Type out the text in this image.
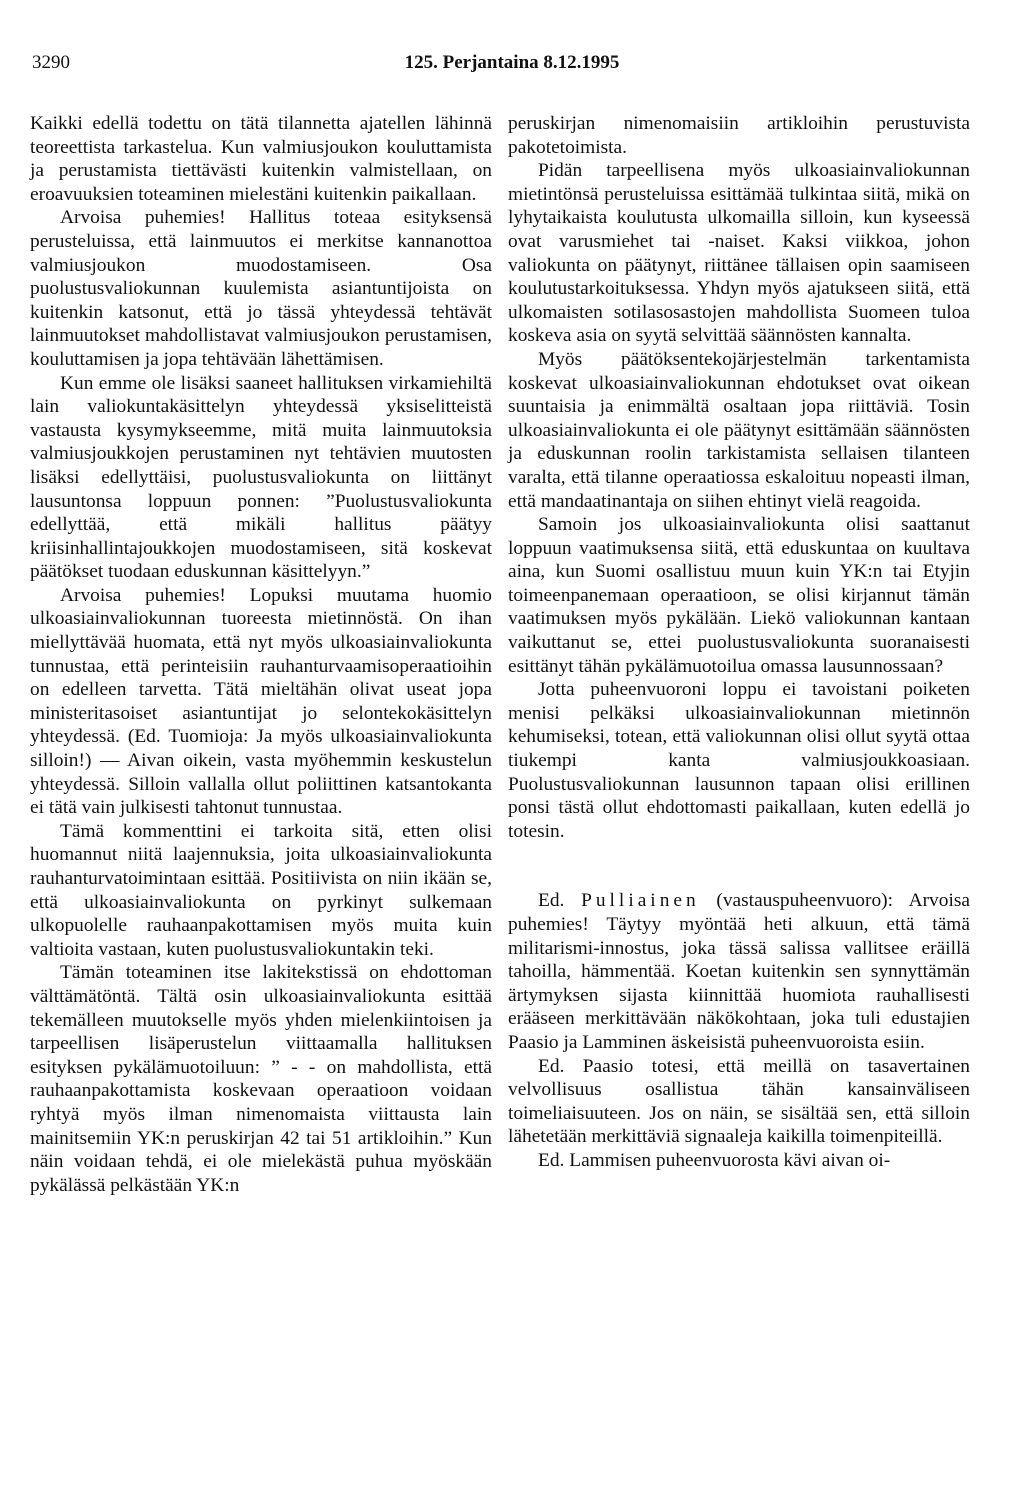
3290	125. Perjantaina 8.12.1995

Kaikki edellä todettu on tätä tilannetta ajatellen lähinnä teoreettista tarkastelua. Kun valmiusjoukon kouluttamista ja perustamista tiettävästi kuitenkin valmistellaan, on eroavuuksien toteaminen mielestäni kuitenkin paikallaan.

Arvoisa puhemies! Hallitus toteaa esityksensä perusteluissa, että lainmuutos ei merkitse kannanottoa valmiusjoukon muodostamiseen. Osa puolustusvaliokunnan kuulemista asiantuntijoista on kuitenkin katsonut, että jo tässä yhteydessä tehtävät lainmuutokset mahdollistavat valmiusjoukon perustamisen, kouluttamisen ja jopa tehtävään lähettämisen.

Kun emme ole lisäksi saaneet hallituksen virkamiehiltä lain valiokuntakäsittelyn yhteydessä yksiselitteistä vastausta kysymykseemme, mitä muita lainmuutoksia valmiusjoukkojen perustaminen nyt tehtävien muutosten lisäksi edellyttäisi, puolustusvaliokunta on liittänyt lausuntonsa loppuun ponnen: ”Puolustusvaliokunta edellyttää, että mikäli hallitus päätyy kriisinhallintajoukkojen muodostamiseen, sitä koskevat päätökset tuodaan eduskunnan käsittelyyn.”

Arvoisa puhemies! Lopuksi muutama huomio ulkoasiainvaliokunnan tuoreesta mietinnöstä. On ihan miellyttävää huomata, että nyt myös ulkoasiainvaliokunta tunnustaa, että perinteisiin rauhanturvaamisoperaatioihin on edelleen tarvetta. Tätä mieltähän olivat useat jopa ministeritasoiset asiantuntijat jo selontekokäsittelyn yhteydessä. (Ed. Tuomioja: Ja myös ulkoasiainvaliokunta silloin!) — Aivan oikein, vasta myöhemmin keskustelun yhteydessä. Silloin vallalla ollut poliittinen katsantokanta ei tätä vain julkisesti tahtonut tunnustaa.

Tämä kommenttini ei tarkoita sitä, etten olisi huomannut niitä laajennuksia, joita ulkoasiainvaliokunta rauhanturvatoimintaan esittää. Positiivista on niin ikään se, että ulkoasiainvaliokunta on pyrkinyt sulkemaan ulkopuolelle rauhaanpakottamisen myös muita kuin valtioita vastaan, kuten puolustusvaliokuntakin teki.

Tämän toteaminen itse lakitekstissä on ehdottoman välttämätöntä. Tältä osin ulkoasiainvaliokunta esittää tekemälleen muutokselle myös yhden mielenkiintoisen ja tarpeellisen lisäperustelun viittaamalla hallituksen esityksen pykälämuotoiluun: ” - - on mahdollista, että rauhaanpakottamista koskevaan operaatioon voidaan ryhtyä myös ilman nimenomaista viittausta lain mainitsemiin YK:n peruskirjan 42 tai 51 artikloihin.” Kun näin voidaan tehdä, ei ole mielekästä puhua myöskään pykälässä pelkästään YK:n

peruskirjan nimenomaisiin artikloihin perustuvista pakotetoimista.

Pidän tarpeellisena myös ulkoasiainvaliokunnan mietintönsä perusteluissa esittämää tulkintaa siitä, mikä on lyhytaikaista koulutusta ulkomailla silloin, kun kyseessä ovat varusmiehet tai -naiset. Kaksi viikkoa, johon valiokunta on päätynyt, riittänee tällaisen opin saamiseen koulutustarkoituksessa. Yhdyn myös ajatukseen siitä, että ulkomaisten sotilasosastojen mahdollista Suomeen tuloa koskeva asia on syytä selvittää säännösten kannalta.

Myös päätöksentekojärjestelmän tarkentamista koskevat ulkoasiainvaliokunnan ehdotukset ovat oikean suuntaisia ja enimmältä osaltaan jopa riittäviä. Tosin ulkoasiainvaliokunta ei ole päätynyt esittämään säännösten ja eduskunnan roolin tarkistamista sellaisen tilanteen varalta, että tilanne operaatiossa eskaloituu nopeasti ilman, että mandaatinantaja on siihen ehtinyt vielä reagoida.

Samoin jos ulkoasiainvaliokunta olisi saattanut loppuun vaatimuksensa siitä, että eduskuntaa on kuultava aina, kun Suomi osallistuu muun kuin YK:n tai Etyjin toimeenpanemaan operaatioon, se olisi kirjannut tämän vaatimuksen myös pykälään. Liekö valiokunnan kantaan vaikuttanut se, ettei puolustusvaliokunta suoranaisesti esittänyt tähän pykälämuotoilua omassa lausunnossaan?

Jotta puheenvuoroni loppu ei tavoistani poiketen menisi pelkäksi ulkoasiainvaliokunnan mietinnön kehumiseksi, totean, että valiokunnan olisi ollut syytä ottaa tiukempi kanta valmiusjoukkoasiaan. Puolustusvaliokunnan lausunnon tapaan olisi erillinen ponsi tästä ollut ehdottomasti paikallaan, kuten edellä jo totesin.

Ed. Pulliainen (vastauspuheenvuoro): Arvoisa puhemies! Täytyy myöntää heti alkuun, että tämä militarismi-innostus, joka tässä salissa vallitsee eräillä tahoilla, hämmentää. Koetan kuitenkin sen synnyttämän ärtymyksen sijasta kiinnittää huomiota rauhallisesti erääseen merkittävään näkökohtaan, joka tuli edustajien Paasio ja Lamminen äskeisistä puheenvuoroista esiin.

Ed. Paasio totesi, että meillä on tasavertainen velvollisuus osallistua tähän kansainväliseen toimeliaisuuteen. Jos on näin, se sisältää sen, että silloin lähetetään merkittäviä signaaleja kaikilla toimenpiteillä.

Ed. Lammisen puheenvuorosta kävi aivan oi-
